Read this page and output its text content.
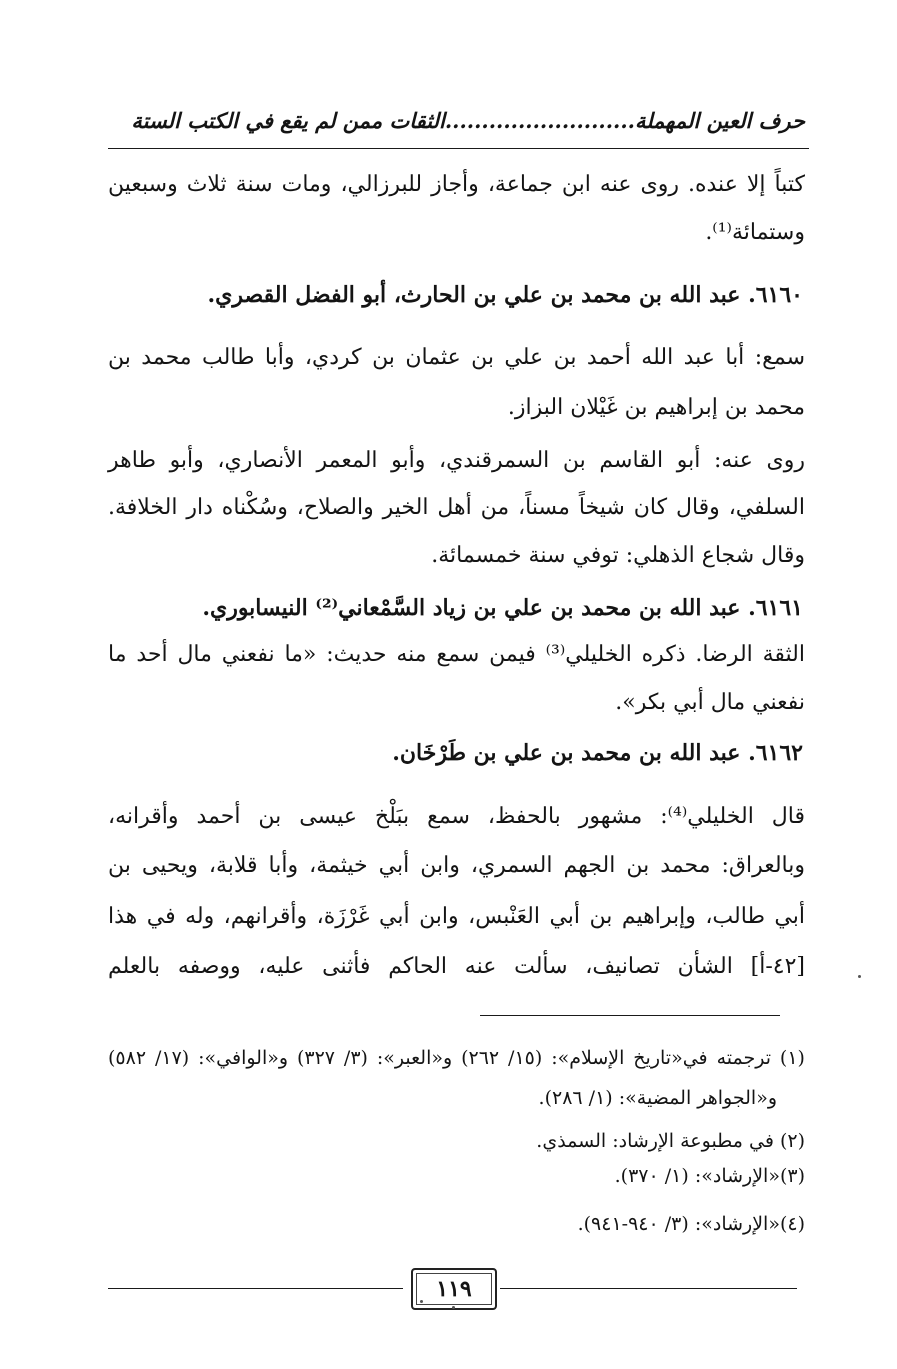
حرف العين المهملة..........................الثقات ممن لم يقع في الكتب الستة
كتباً إلا عنده. روى عنه ابن جماعة، وأجاز للبرزالي، ومات سنة ثلاث وسبعين
وستمائة⁽¹⁾.
٦١٦٠. عبد الله بن محمد بن علي بن الحارث، أبو الفضل القصري.
سمع: أبا عبد الله أحمد بن علي بن عثمان بن كردي، وأبا طالب محمد بن
محمد بن إبراهيم بن غَيْلان البزاز.
روى عنه: أبو القاسم بن السمرقندي، وأبو المعمر الأنصاري، وأبو طاهر
السلفي، وقال كان شيخاً مسناً، من أهل الخير والصلاح، وسُكْناه دار الخلافة.
وقال شجاع الذهلي: توفي سنة خمسمائة.
٦١٦١. عبد الله بن محمد بن علي بن زياد السَّمْعاني⁽²⁾ النيسابوري.
الثقة الرضا. ذكره الخليلي⁽³⁾ فيمن سمع منه حديث: «ما نفعني مال أحد ما
نفعني مال أبي بكر».
٦١٦٢. عبد الله بن محمد بن علي بن طَرْخَان.
قال الخليلي⁽⁴⁾: مشهور بالحفظ، سمع ببَلْخ عيسى بن أحمد وأقرانه،
وبالعراق: محمد بن الجهم السمري، وابن أبي خيثمة، وأبا قلابة، ويحيى بن
أبي طالب، وإبراهيم بن أبي العَنْبس، وابن أبي غَرْزَة، وأقرانهم، وله في هذا
[٤٢-أ] الشأن تصانيف، سألت عنه الحاكم فأثنى عليه، ووصفه بالعلم
(١) ترجمته في«تاريخ الإسلام»: (١٥/ ٢٦٢) و«العبر»: (٣/ ٣٢٧) و«الوافي»: (١٧/ ٥٨٢)
و«الجواهر المضية»: (١/ ٢٨٦).
(٢) في مطبوعة الإرشاد: السمذي.
(٣)«الإرشاد»: (١/ ٣٧٠).
(٤)«الإرشاد»: (٣/ ٩٤٠-٩٤١).
١١٩
